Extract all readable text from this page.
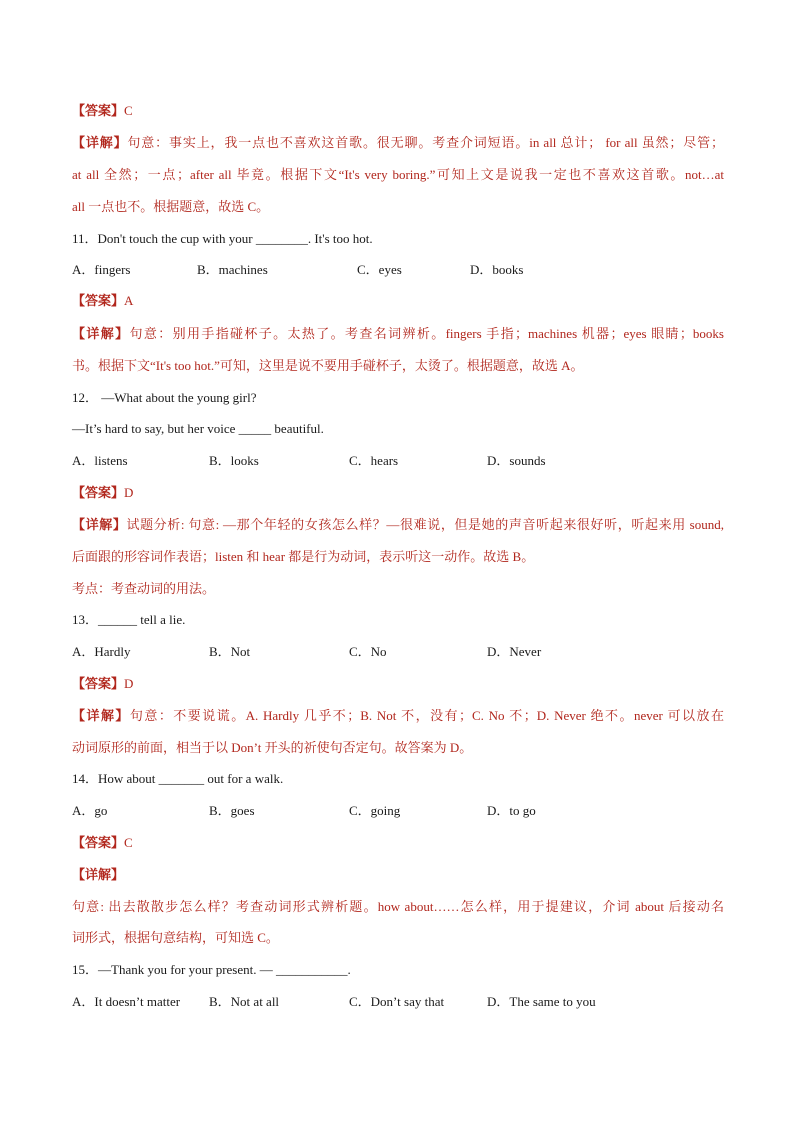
【答案】C
【详解】句意：事实上，我一点也不喜欢这首歌。很无聊。考查介词短语。in all 总计； for all 虽然；尽管；
at all 全然；一点；after all 毕竟。根据下文“It's very boring.”可知上文是说我一定也不喜欢这首歌。not…at
all 一点也不。根据题意，故选 C。
11．Don't touch the cup with your ________. It's too hot.
A．fingers	B．machines	C．eyes	D．books
【答案】A
【详解】句意：别用手指碰杯子。太热了。考查名词辨析。fingers 手指；machines 机器；eyes 眼睛；books
书。根据下文“It's too hot.”可知，这里是说不要用手碰杯子，太烫了。根据题意，故选 A。
12． —What about the young girl?
—It’s hard to say, but her voice _____ beautiful.
A．listens	B．looks	C．hears	D．sounds
【答案】D
【详解】试题分析: 句意: —那个年轻的女孩怎么样？—很难说，但是她的声音听起来很好听，听起来用 sound,
后面跟的形容词作表语；listen 和 hear 都是行为动词，表示听这一动作。故选 B。
考点：考查动词的用法。
13．______ tell a lie.
A．Hardly	B．Not	C．No	D．Never
【答案】D
【详解】句意：不要说谎。A. Hardly 几乎不；B. Not 不，没有；C. No 不；D. Never 绝不。never 可以放在
动词原形的前面，相当于以 Don’t 开头的祈使句否定句。故答案为 D。
14．How about _______ out for a walk.
A．go	B．goes	C．going	D．to go
【答案】C
【详解】
句意: 出去散散步怎么样？考查动词形式辨析题。how about……怎么样，用于提建议，介词 about 后接动名
词形式，根据句意结构，可知选 C。
15．—Thank you for your present. — ___________.
A．It doesn’t matter B．Not at all	C．Don’t say that	D．The same to you
